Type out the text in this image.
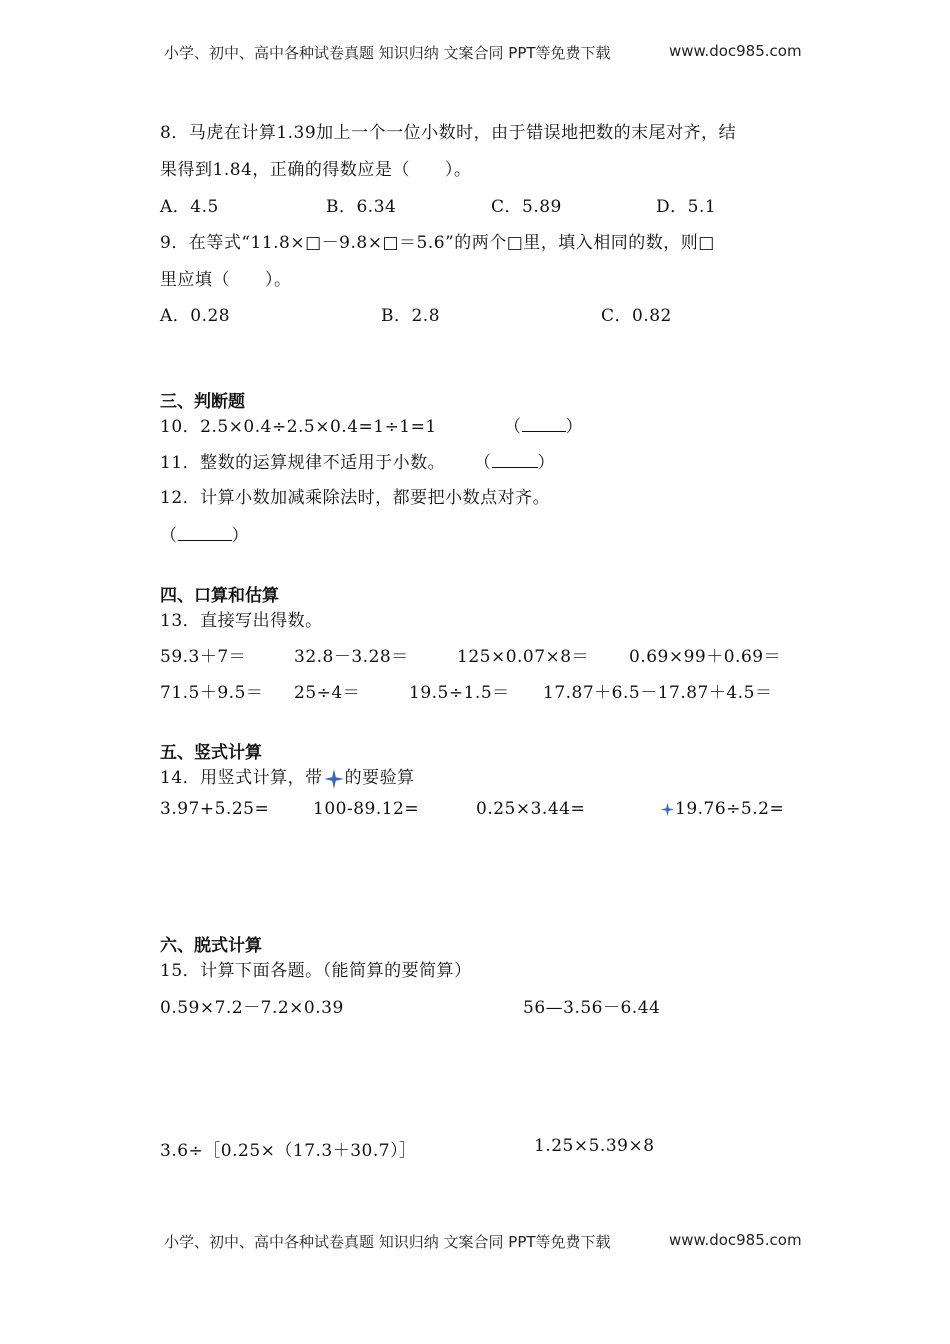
小学、初中、高中各种试卷真题 知识归纳 文案合同 PPT等免费下载	www.doc985.com
8．马虎在计算1.39加上一个一位小数时，由于错误地把数的末尾对齐，结
果得到1.84，正确的得数应是（　　）。
A．4.5	B．6.34	C．5.89	D．5.1
9．在等式“11.8×□－9.8×□＝5.6”的两个□里，填入相同的数，则□
里应填（　　）。
A．0.28	B．2.8	C．0.82
三、判断题
10．2.5×0.4÷2.5×0.4=1÷1=1	（	）
11．整数的运算规律不适用于小数。 （	）
12．计算小数加减乘除法时，都要把小数点对齐。
（	）
四、口算和估算
13．直接写出得数。
59.3＋7＝	32.8－3.28＝	125×0.07×8＝ 0.69×99＋0.69＝
71.5＋9.5＝ 25÷4＝	19.5÷1.5＝ 17.87＋6.5－17.87＋4.5＝
五、竖式计算
14．用竖式计算，带 的要验算
3.97+5.25=	100-89.12=	0.25×3.44=	19.76÷5.2=
六、脱式计算
15．计算下面各题。（能简算的要简算）
0.59×7.2－7.2×0.39	56—3.56－6.44
3.6÷［0.25×（17.3＋30.7）］	1.25×5.39×8
小学、初中、高中各种试卷真题 知识归纳 文案合同 PPT等免费下载	www.doc985.com
